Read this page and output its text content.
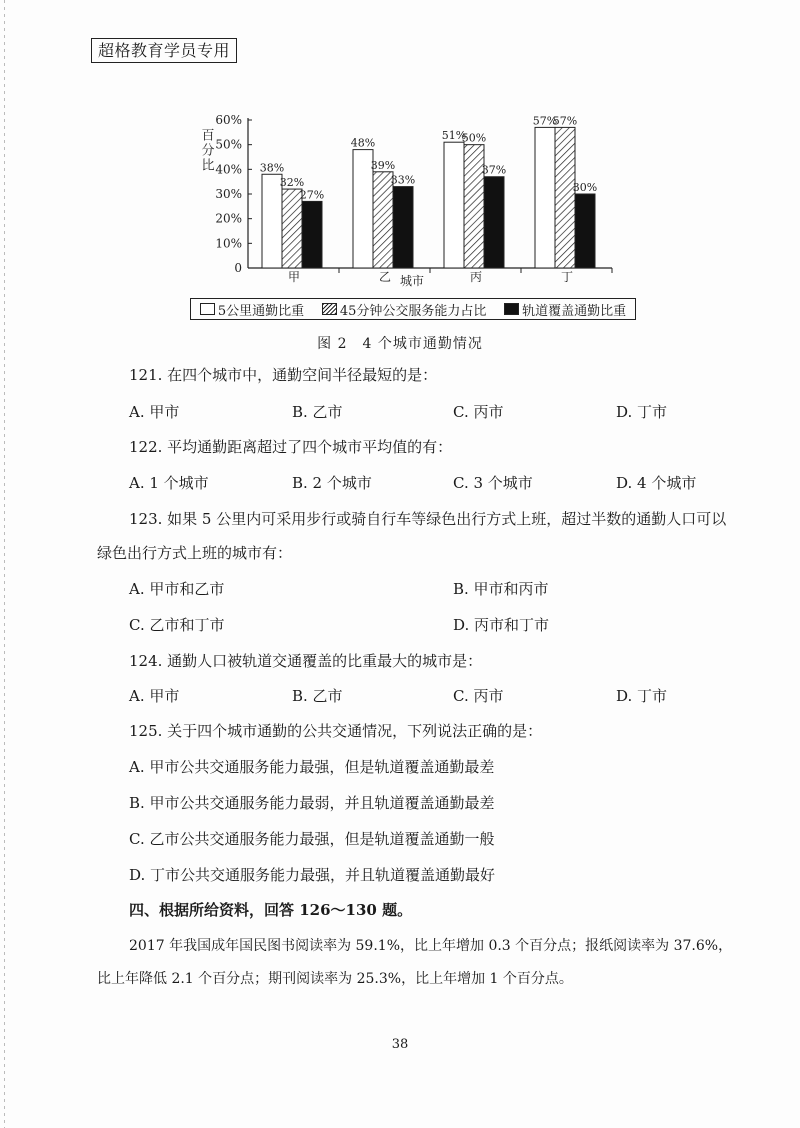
超格教育学员专用
0
10%
20%
30%
40%
50%
60%
百分比	38%
32%
27%
甲
48%
39%
33%
乙
51%
50%
37%
丙
57%
57%
30%
丁
城市
5公里通勤比重	45分钟公交服务能力占比	轨道覆盖通勤比重
图 2　4 个城市通勤情况
121. 在四个城市中，通勤空间半径最短的是：
A. 甲市	B. 乙市	C. 丙市	D. 丁市
122. 平均通勤距离超过了四个城市平均值的有：
A. 1 个城市	B. 2 个城市	C. 3 个城市	D. 4 个城市
123. 如果 5 公里内可采用步行或骑自行车等绿色出行方式上班，超过半数的通勤人口可以
绿色出行方式上班的城市有：
A. 甲市和乙市	B. 甲市和丙市
C. 乙市和丁市	D. 丙市和丁市
124. 通勤人口被轨道交通覆盖的比重最大的城市是：
A. 甲市	B. 乙市	C. 丙市	D. 丁市
125. 关于四个城市通勤的公共交通情况，下列说法正确的是：
A. 甲市公共交通服务能力最强，但是轨道覆盖通勤最差
B. 甲市公共交通服务能力最弱，并且轨道覆盖通勤最差
C. 乙市公共交通服务能力最强，但是轨道覆盖通勤一般
D. 丁市公共交通服务能力最强，并且轨道覆盖通勤最好
四、根据所给资料，回答 126～130 题。
2017 年我国成年国民图书阅读率为 59.1%，比上年增加 0.3 个百分点；报纸阅读率为 37.6%，
比上年降低 2.1 个百分点；期刊阅读率为 25.3%，比上年增加 1 个百分点。
38
